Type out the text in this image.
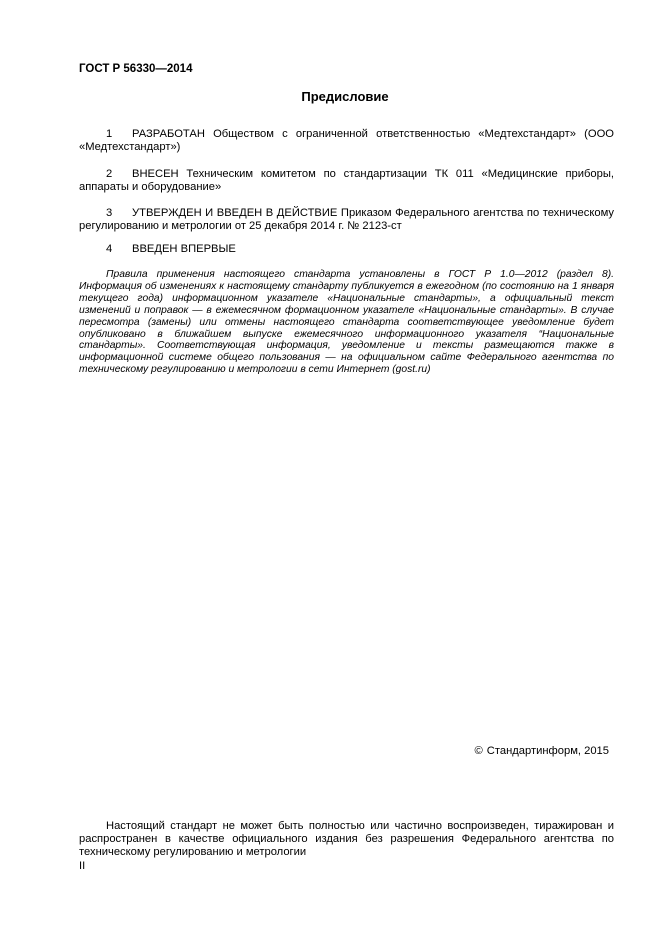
ГОСТ Р 56330—2014
Предисловие
1 РАЗРАБОТАН Обществом с ограниченной ответственностью «Медтехстандарт» (ООО «Медтехстандарт»)
2 ВНЕСЕН Техническим комитетом по стандартизации ТК 011 «Медицинские приборы, аппараты и оборудование»
3 УТВЕРЖДЕН И ВВЕДЕН В ДЕЙСТВИЕ Приказом Федерального агентства по техническому регулированию и метрологии от 25 декабря 2014 г. № 2123-ст
4 ВВЕДЕН ВПЕРВЫЕ
Правила применения настоящего стандарта установлены в ГОСТ Р 1.0—2012 (раздел 8). Информация об изменениях к настоящему стандарту публикуется в ежегодном (по состоянию на 1 января текущего года) информационном указателе «Национальные стандарты», а официальный текст изменений и поправок — в ежемесячном формационном указателе «Национальные стандарты». В случае пересмотра (замены) или отмены настоящего стандарта соответствующее уведомление будет опубликовано в ближайшем выпуске ежемесячного информационного указателя “Национальные стандарты». Соответствующая информация, уведомление и тексты размещаются также в информационной системе общего пользования — на официальном сайте Федерального агентства по техническому регулированию и метрологии в сети Интернет (gost.ru)
© Стандартинформ, 2015
Настоящий стандарт не может быть полностью или частично воспроизведен, тиражирован и распространен в качестве официального издания без разрешения Федерального агентства по техническому регулированию и метрологии
II
